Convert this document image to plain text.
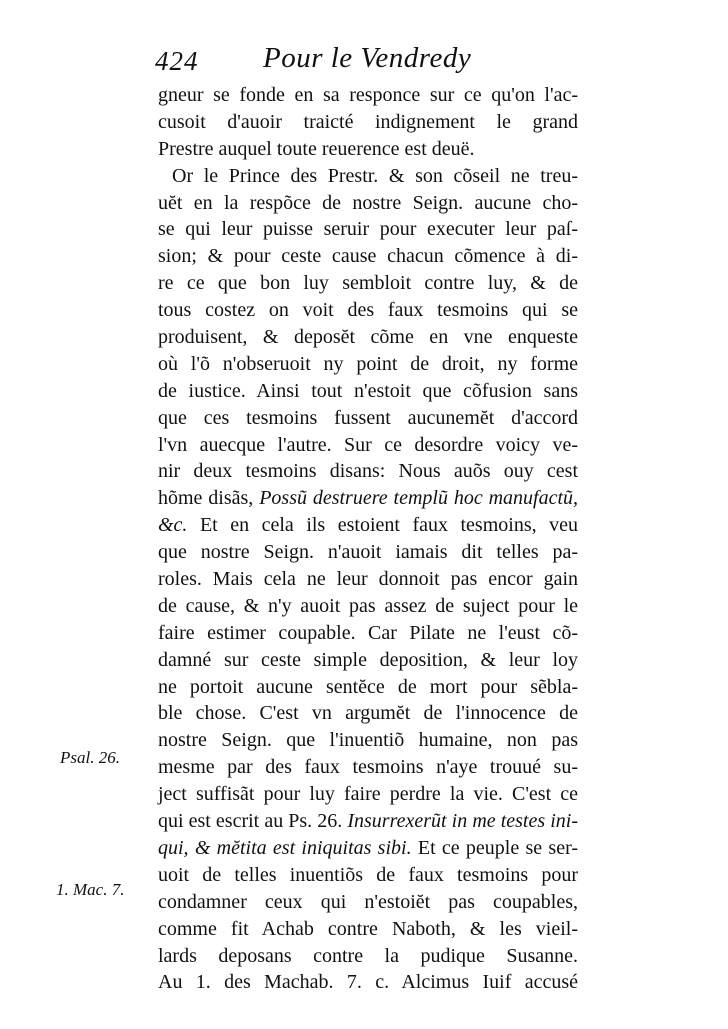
424 Pour le Vendredy
gneur se fonde en sa responce sur ce qu'on l'ac-
cusoit d'auoir traicté indignement le grand
Prestre auquel toute reuerence est deuë.
Or le Prince des Prestr. & son cõseil ne treu-
uĕt en la respõce de nostre Seign. aucune cho-
se qui leur puisse seruir pour executer leur paſ-
sion; & pour ceste cause chacun cõmence à di-
re ce que bon luy sembloit contre luy, & de
tous costez on voit des faux tesmoins qui se
produisent, & deposĕt cõme en vne enqueste
où l'õ n'obseruoit ny point de droit, ny forme
de iustice. Ainsi tout n'estoit que cõfusion sans
que ces tesmoins fussent aucunemĕt d'accord
l'vn auecque l'autre. Sur ce desordre voicy ve-
nir deux tesmoins disans: Nous auõs ouy cest
hõme disãs, Possũ destruere templũ hoc manufactũ,
&c. Et en cela ils estoient faux tesmoins, veu
que nostre Seign. n'auoit iamais dit telles pa-
roles. Mais cela ne leur donnoit pas encor gain
de cause, & n'y auoit pas assez de suject pour le
faire estimer coupable. Car Pilate ne l'eust cõ-
damné sur ceste simple deposition, & leur loy
ne portoit aucune sentĕce de mort pour sẽbla-
ble chose. C'est vn argumĕt de l'innocence de
nostre Seign. que l'inuentiõ humaine, non pas
mesme par des faux tesmoins n'aye trouué su-
ject suffisãt pour luy faire perdre la vie. C'est ce
qui est escrit au Ps. 26. Insurrexerũt in me testes ini-
qui, & mĕtita est iniquitas sibi. Et ce peuple se ser-
uoit de telles inuentiõs de faux tesmoins pour
condamner ceux qui n'estoiĕt pas coupables,
comme fit Achab contre Naboth, & les vieil-
lards deposans contre la pudique Susanne.
Au 1. des Machab. 7. c. Alcimus Iuif accusé
Psal. 26.
1. Mac. 7.
